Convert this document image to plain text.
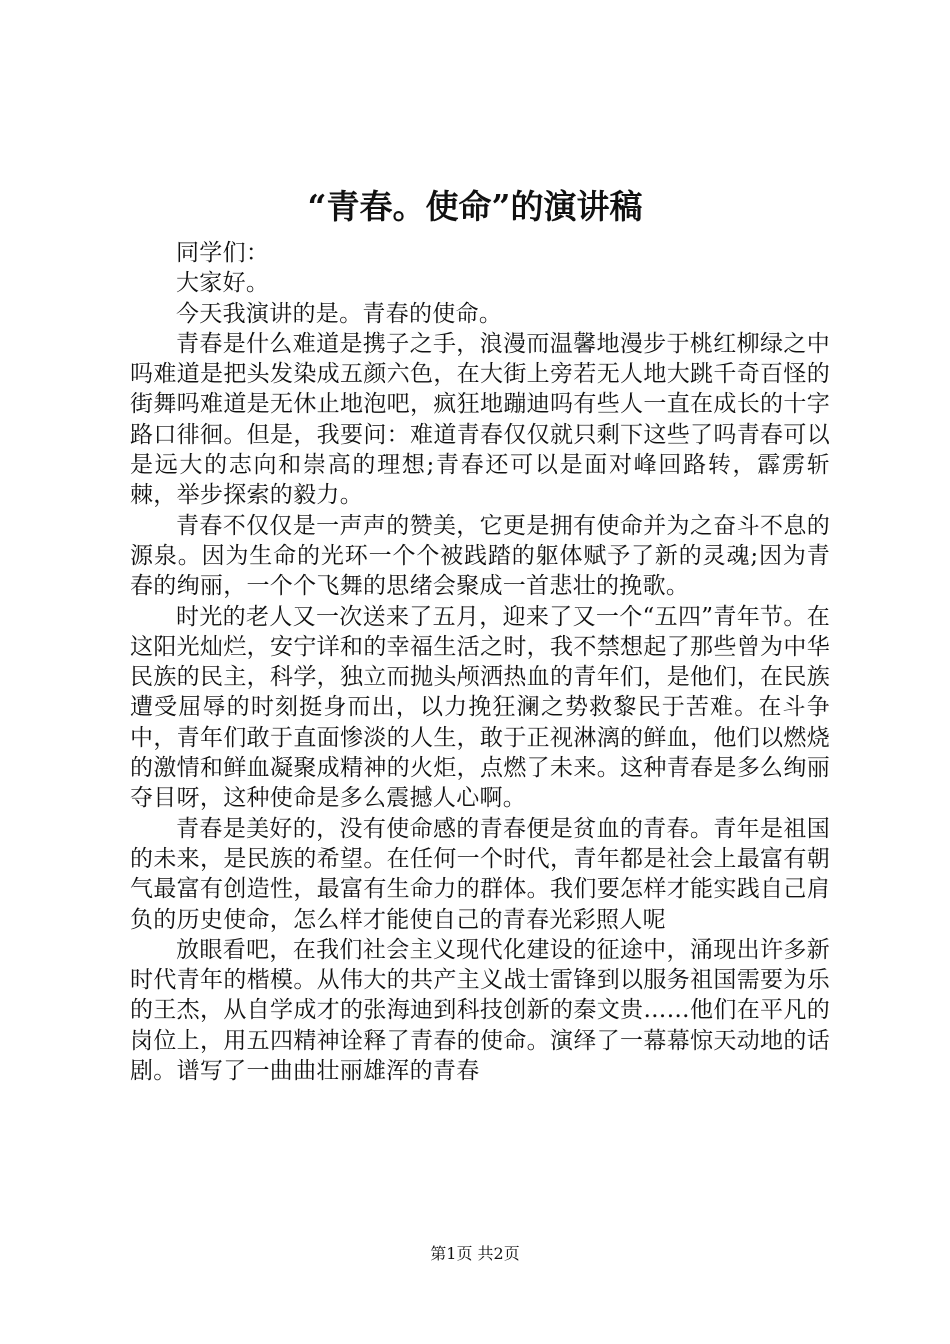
“青春。使命”的演讲稿

同学们：

大家好。

今天我演讲的是。青春的使命。

青春是什么难道是携子之手，浪漫而温馨地漫步于桃红柳绿之中吗难道是把头发染成五颜六色，在大街上旁若无人地大跳千奇百怪的街舞吗难道是无休止地泡吧，疯狂地蹦迪吗有些人一直在成长的十字路口徘徊。但是，我要问：难道青春仅仅就只剩下这些了吗青春可以是远大的志向和崇高的理想;青春还可以是面对峰回路转，霹雳斩棘，举步探索的毅力。

青春不仅仅是一声声的赞美，它更是拥有使命并为之奋斗不息的源泉。因为生命的光环一个个被践踏的躯体赋予了新的灵魂;因为青春的绚丽，一个个飞舞的思绪会聚成一首悲壮的挽歌。

时光的老人又一次送来了五月，迎来了又一个“五四”青年节。在这阳光灿烂，安宁详和的幸福生活之时，我不禁想起了那些曾为中华民族的民主，科学，独立而抛头颅洒热血的青年们，是他们，在民族遭受屈辱的时刻挺身而出，以力挽狂澜之势救黎民于苦难。在斗争中，青年们敢于直面惨淡的人生，敢于正视淋漓的鲜血，他们以燃烧的激情和鲜血凝聚成精神的火炬，点燃了未来。这种青春是多么绚丽夺目呀，这种使命是多么震撼人心啊。

青春是美好的，没有使命感的青春便是贫血的青春。青年是祖国的未来，是民族的希望。在任何一个时代，青年都是社会上最富有朝气最富有创造性，最富有生命力的群体。我们要怎样才能实践自己肩负的历史使命，怎么样才能使自己的青春光彩照人呢

放眼看吧，在我们社会主义现代化建设的征途中，涌现出许多新时代青年的楷模。从伟大的共产主义战士雷锋到以服务祖国需要为乐的王杰，从自学成才的张海迪到科技创新的秦文贵……他们在平凡的岗位上，用五四精神诠释了青春的使命。演绎了一幕幕惊天动地的话剧。谱写了一曲曲壮丽雄浑的青春

第1页 共2页
